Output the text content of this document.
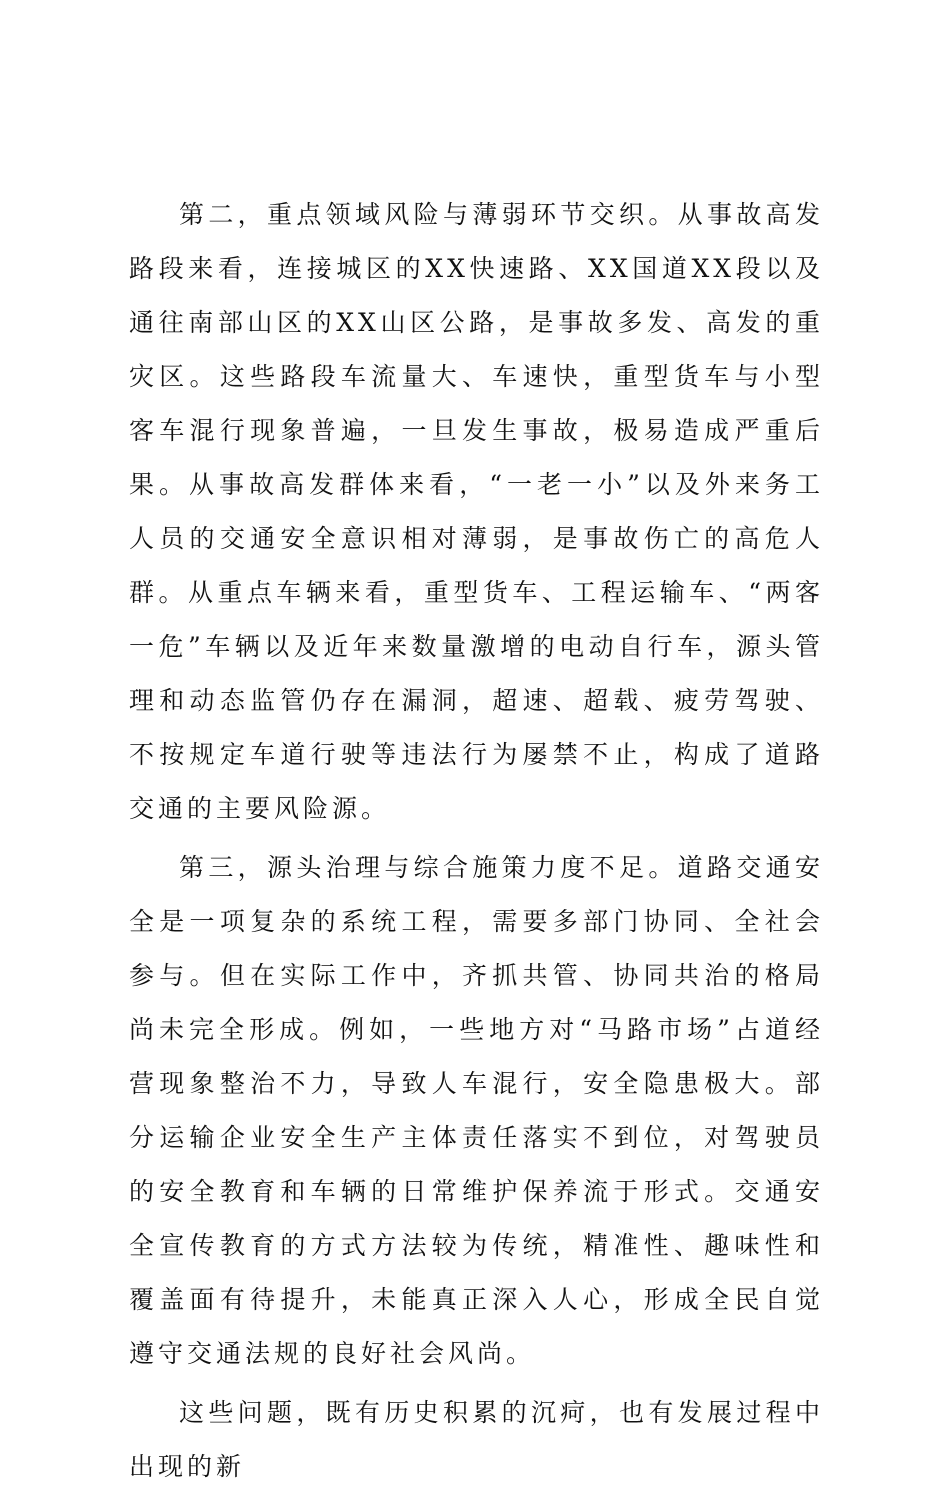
第二，重点领域风险与薄弱环节交织。从事故高发路段来看，连接城区的XX快速路、XX国道XX段以及通往南部山区的XX山区公路，是事故多发、高发的重灾区。这些路段车流量大、车速快，重型货车与小型客车混行现象普遍，一旦发生事故，极易造成严重后果。从事故高发群体来看，“一老一小”以及外来务工人员的交通安全意识相对薄弱，是事故伤亡的高危人群。从重点车辆来看，重型货车、工程运输车、“两客一危”车辆以及近年来数量激增的电动自行车，源头管理和动态监管仍存在漏洞，超速、超载、疲劳驾驶、不按规定车道行驶等违法行为屡禁不止，构成了道路交通的主要风险源。

第三，源头治理与综合施策力度不足。道路交通安全是一项复杂的系统工程，需要多部门协同、全社会参与。但在实际工作中，齐抓共管、协同共治的格局尚未完全形成。例如，一些地方对“马路市场”占道经营现象整治不力，导致人车混行，安全隐患极大。部分运输企业安全生产主体责任落实不到位，对驾驶员的安全教育和车辆的日常维护保养流于形式。交通安全宣传教育的方式方法较为传统，精准性、趣味性和覆盖面有待提升，未能真正深入人心，形成全民自觉遵守交通法规的良好社会风尚。

这些问题，既有历史积累的沉疴，也有发展过程中出现的新
